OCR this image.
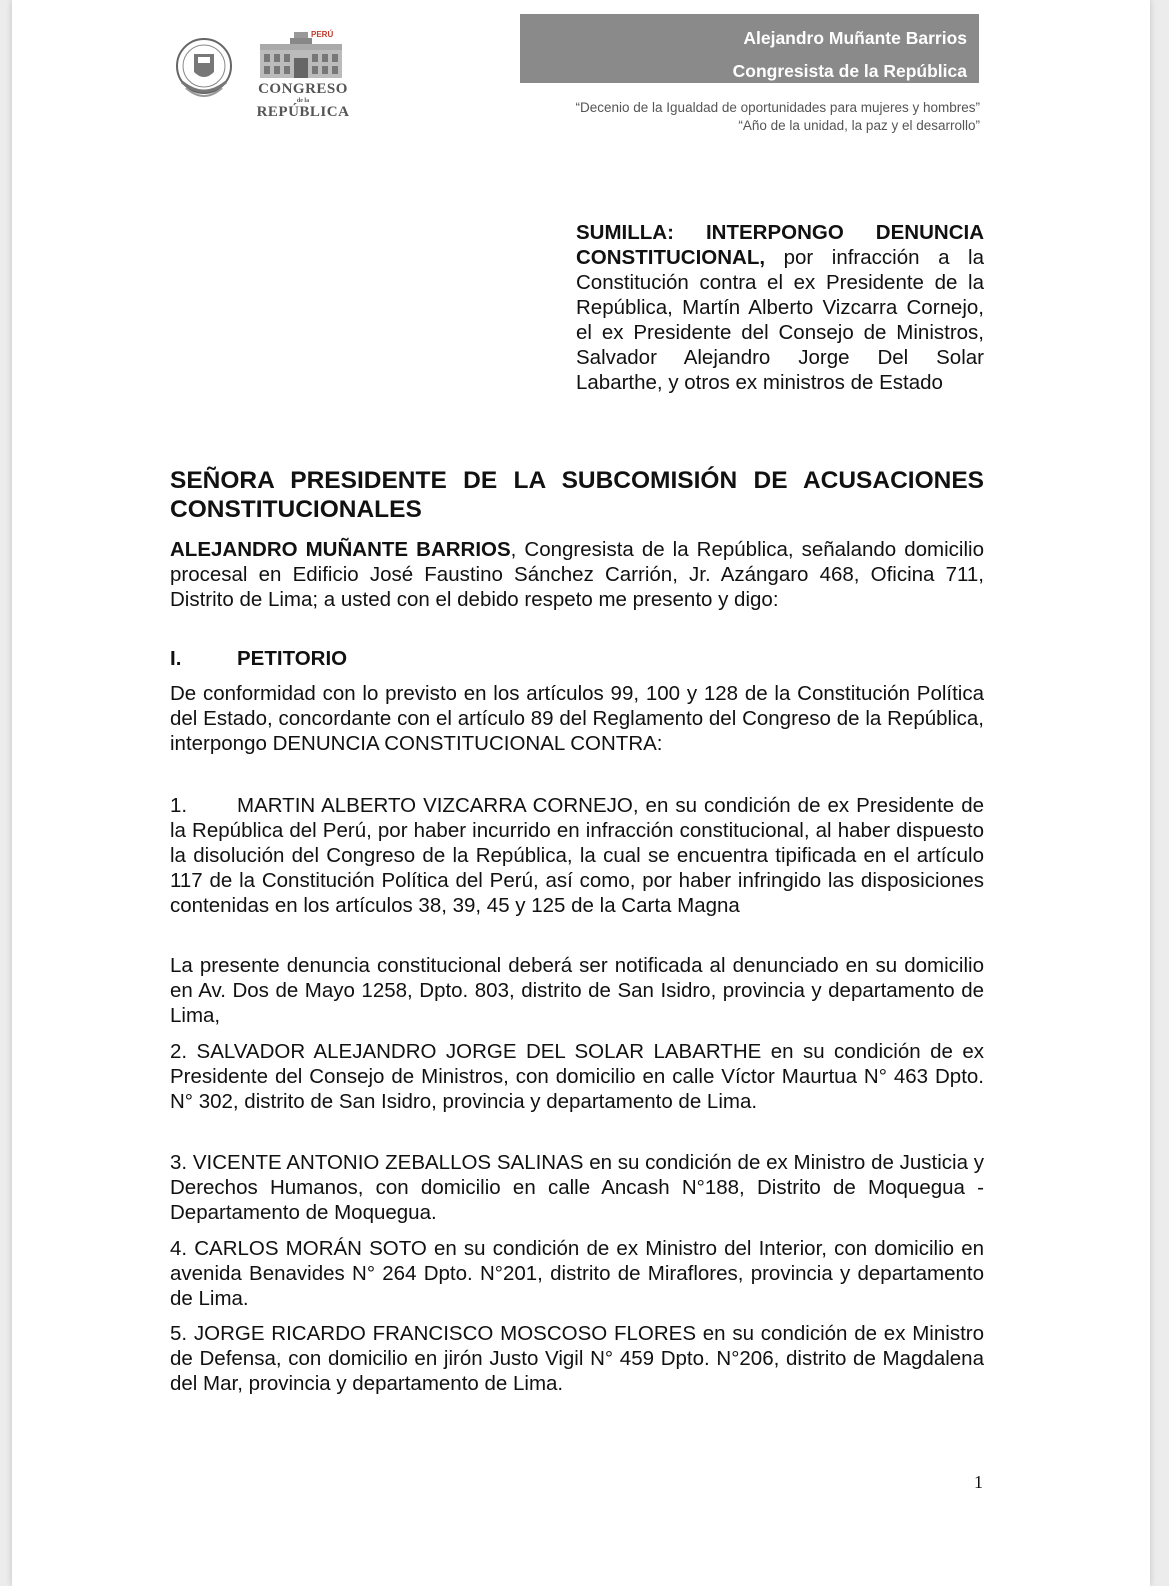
PERÚ
CONGRESO
de la
REPÚBLICA
Alejandro Muñante Barrios
Congresista de la República
“Decenio de la Igualdad de oportunidades para mujeres y hombres”
“Año de la unidad, la paz y el desarrollo”
SUMILLA: INTERPONGO DENUNCIA CONSTITUCIONAL, por infracción a la Constitución contra el ex Presidente de la República, Martín Alberto Vizcarra Cornejo, el ex Presidente del Consejo de Ministros, Salvador Alejandro Jorge Del Solar Labarthe, y otros ex ministros de Estado
SEÑORA PRESIDENTE DE LA SUBCOMISIÓN DE ACUSACIONES CONSTITUCIONALES
ALEJANDRO MUÑANTE BARRIOS, Congresista de la República, señalando domicilio procesal en Edificio José Faustino Sánchez Carrión, Jr. Azángaro 468, Oficina 711, Distrito de Lima; a usted con el debido respeto me presento y digo:
I.	PETITORIO
De conformidad con lo previsto en los artículos 99, 100 y 128 de la Constitución Política del Estado, concordante con el artículo 89 del Reglamento del Congreso de la República, interpongo DENUNCIA CONSTITUCIONAL CONTRA:
1. MARTIN ALBERTO VIZCARRA CORNEJO, en su condición de ex Presidente de la República del Perú, por haber incurrido en infracción constitucional, al haber dispuesto la disolución del Congreso de la República, la cual se encuentra tipificada en el artículo 117 de la Constitución Política del Perú, así como, por haber infringido las disposiciones contenidas en los artículos 38, 39, 45 y 125 de la Carta Magna
La presente denuncia constitucional deberá ser notificada al denunciado en su domicilio en Av. Dos de Mayo 1258, Dpto. 803, distrito de San Isidro, provincia y departamento de Lima,
2. SALVADOR ALEJANDRO JORGE DEL SOLAR LABARTHE en su condición de ex Presidente del Consejo de Ministros, con domicilio en calle Víctor Maurtua N° 463 Dpto. N° 302, distrito de San Isidro, provincia y departamento de Lima.
3. VICENTE ANTONIO ZEBALLOS SALINAS en su condición de ex Ministro de Justicia y Derechos Humanos, con domicilio en calle Ancash N°188, Distrito de Moquegua - Departamento de Moquegua.
4. CARLOS MORÁN SOTO en su condición de ex Ministro del Interior, con domicilio en avenida Benavides N° 264 Dpto. N°201, distrito de Miraflores, provincia y departamento de Lima.
5. JORGE RICARDO FRANCISCO MOSCOSO FLORES en su condición de ex Ministro de Defensa, con domicilio en jirón Justo Vigil N° 459 Dpto. N°206, distrito de Magdalena del Mar, provincia y departamento de Lima.
1
